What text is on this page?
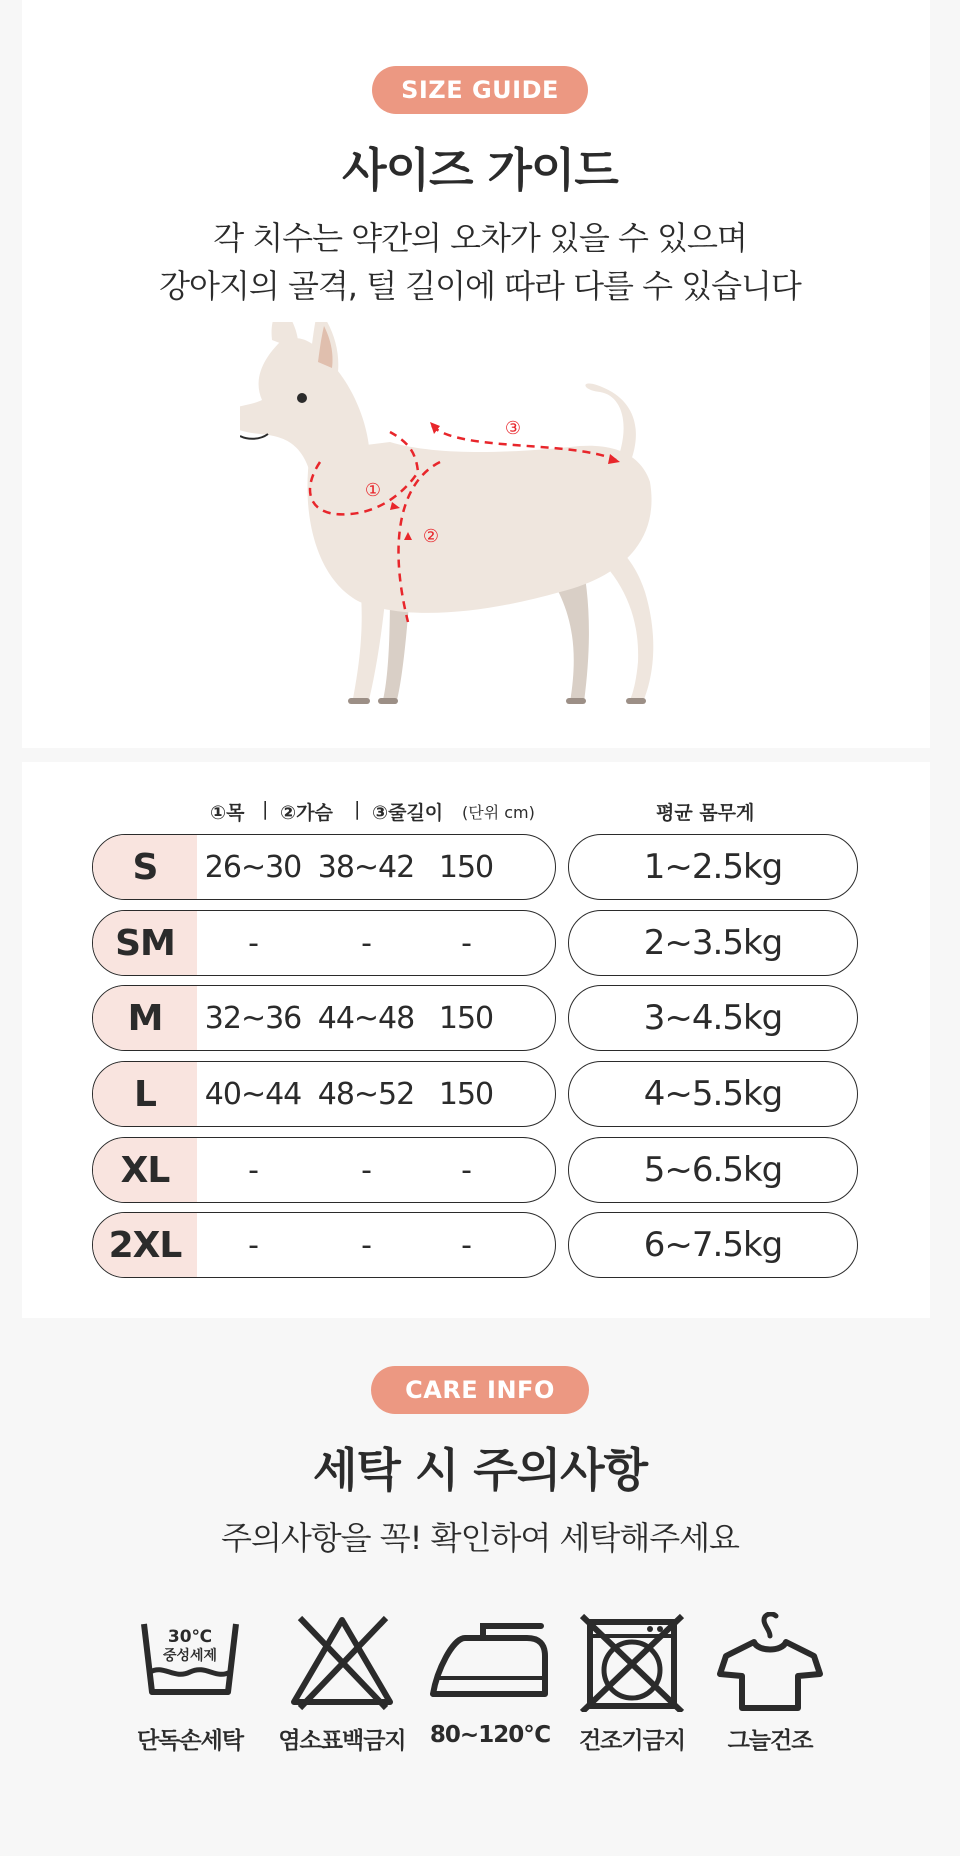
SIZE GUIDE
사이즈 가이드
각 치수는 약간의 오차가 있을 수 있으며
강아지의 골격, 털 길이에 따라 다를 수 있습니다
①
②
③
①목 | ②가슴 | ③줄길이 (단위 cm)	평균 몸무게
S	26~30 38~42 150	1~2.5kg
SM	-	-	-	2~3.5kg
M	32~36 44~48 150	3~4.5kg
L	40~44 48~52 150	4~5.5kg
XL	-	-	-	5~6.5kg
2XL	-	-	-	6~7.5kg
CARE INFO
세탁 시 주의사항
주의사항을 꼭! 확인하여 세탁해주세요
30℃
중성세제
단독손세탁	염소표백금지	80~120℃	건조기금지	그늘건조
